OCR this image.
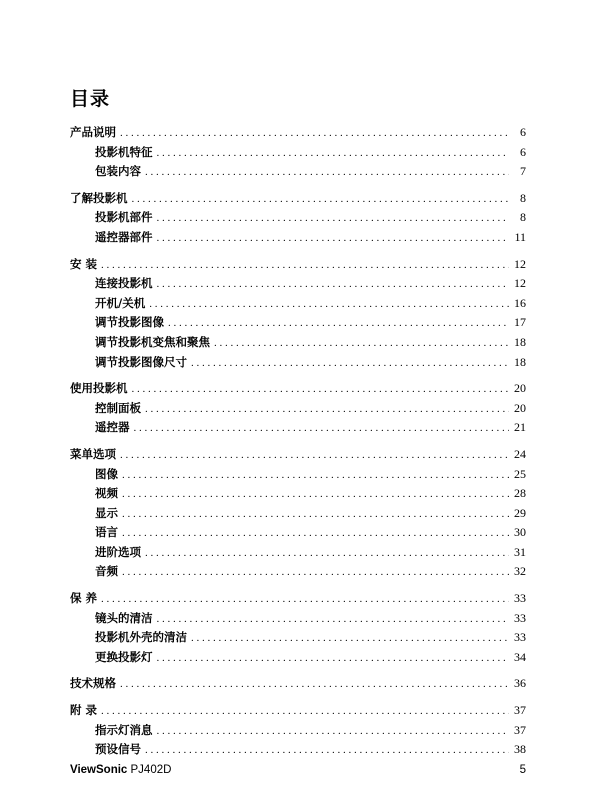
目录
产品说明 . . .	6
投影机特征 . . .	6
包装内容 . . .	7
了解投影机 . . .	8
投影机部件 . . .	8
遥控器部件 . . .	11
安 装 . . .	12
连接投影机 . . .	12
开机/关机 . . .	16
调节投影图像 . . .	17
调节投影机变焦和聚焦 . . .	18
调节投影图像尺寸 . . .	18
使用投影机 . . .	20
控制面板 . . .	20
遥控器 . . .	21
菜单选项 . . .	24
图像 . . .	25
视频 . . .	28
显示 . . .	29
语言 . . .	30
进阶选项 . . .	31
音频 . . .	32
保 养 . . .	33
镜头的清洁 . . .	33
投影机外壳的清洁 . . .	33
更换投影灯 . . .	34
技术规格 . . .	36
附 录 . . .	37
指示灯消息 . . .	37
预设信号 . . .	38
ViewSonic PJ402D	5
